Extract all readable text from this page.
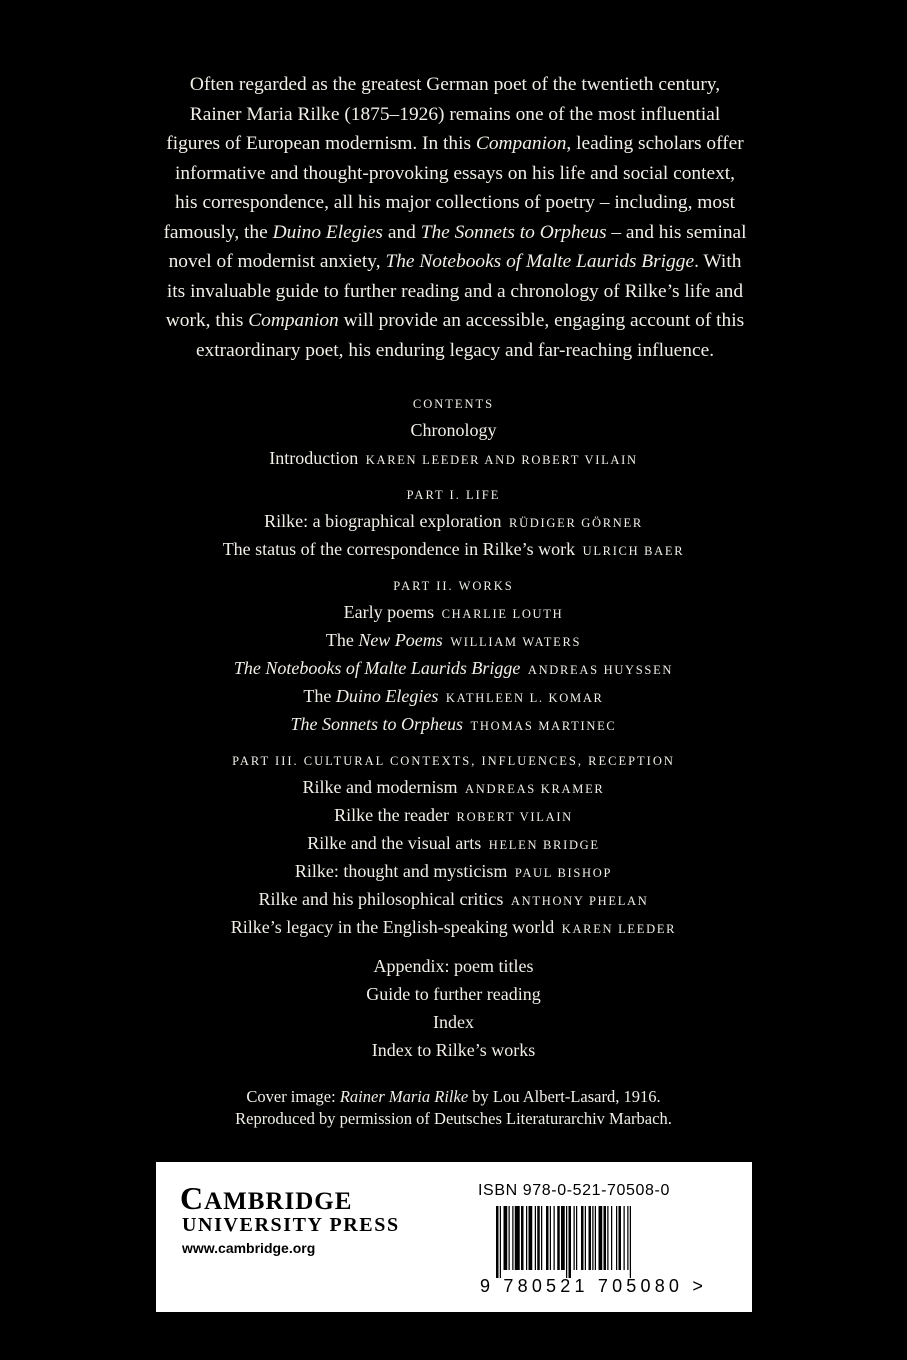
Often regarded as the greatest German poet of the twentieth century,
Rainer Maria Rilke (1875–1926) remains one of the most influential
figures of European modernism. In this Companion, leading scholars offer
informative and thought-provoking essays on his life and social context,
his correspondence, all his major collections of poetry – including, most
famously, the Duino Elegies and The Sonnets to Orpheus – and his seminal
novel of modernist anxiety, The Notebooks of Malte Laurids Brigge. With
its invaluable guide to further reading and a chronology of Rilke’s life and
work, this Companion will provide an accessible, engaging account of this
extraordinary poet, his enduring legacy and far-reaching influence.
CONTENTS
Chronology
Introduction KAREN LEEDER AND ROBERT VILAIN
PART I. LIFE
Rilke: a biographical exploration RÜDIGER GÖRNER
The status of the correspondence in Rilke’s work ULRICH BAER
PART II. WORKS
Early poems CHARLIE LOUTH
The New Poems WILLIAM WATERS
The Notebooks of Malte Laurids Brigge ANDREAS HUYSSEN
The Duino Elegies KATHLEEN L. KOMAR
The Sonnets to Orpheus THOMAS MARTINEC
PART III. CULTURAL CONTEXTS, INFLUENCES, RECEPTION
Rilke and modernism ANDREAS KRAMER
Rilke the reader ROBERT VILAIN
Rilke and the visual arts HELEN BRIDGE
Rilke: thought and mysticism PAUL BISHOP
Rilke and his philosophical critics ANTHONY PHELAN
Rilke’s legacy in the English-speaking world KAREN LEEDER
Appendix: poem titles
Guide to further reading
Index
Index to Rilke’s works
Cover image: Rainer Maria Rilke by Lou Albert-Lasard, 1916.
Reproduced by permission of Deutsches Literaturarchiv Marbach.
CAMBRIDGE
UNIVERSITY PRESS
www.cambridge.org
ISBN 978-0-521-70508-0
9 780521 705080 >
